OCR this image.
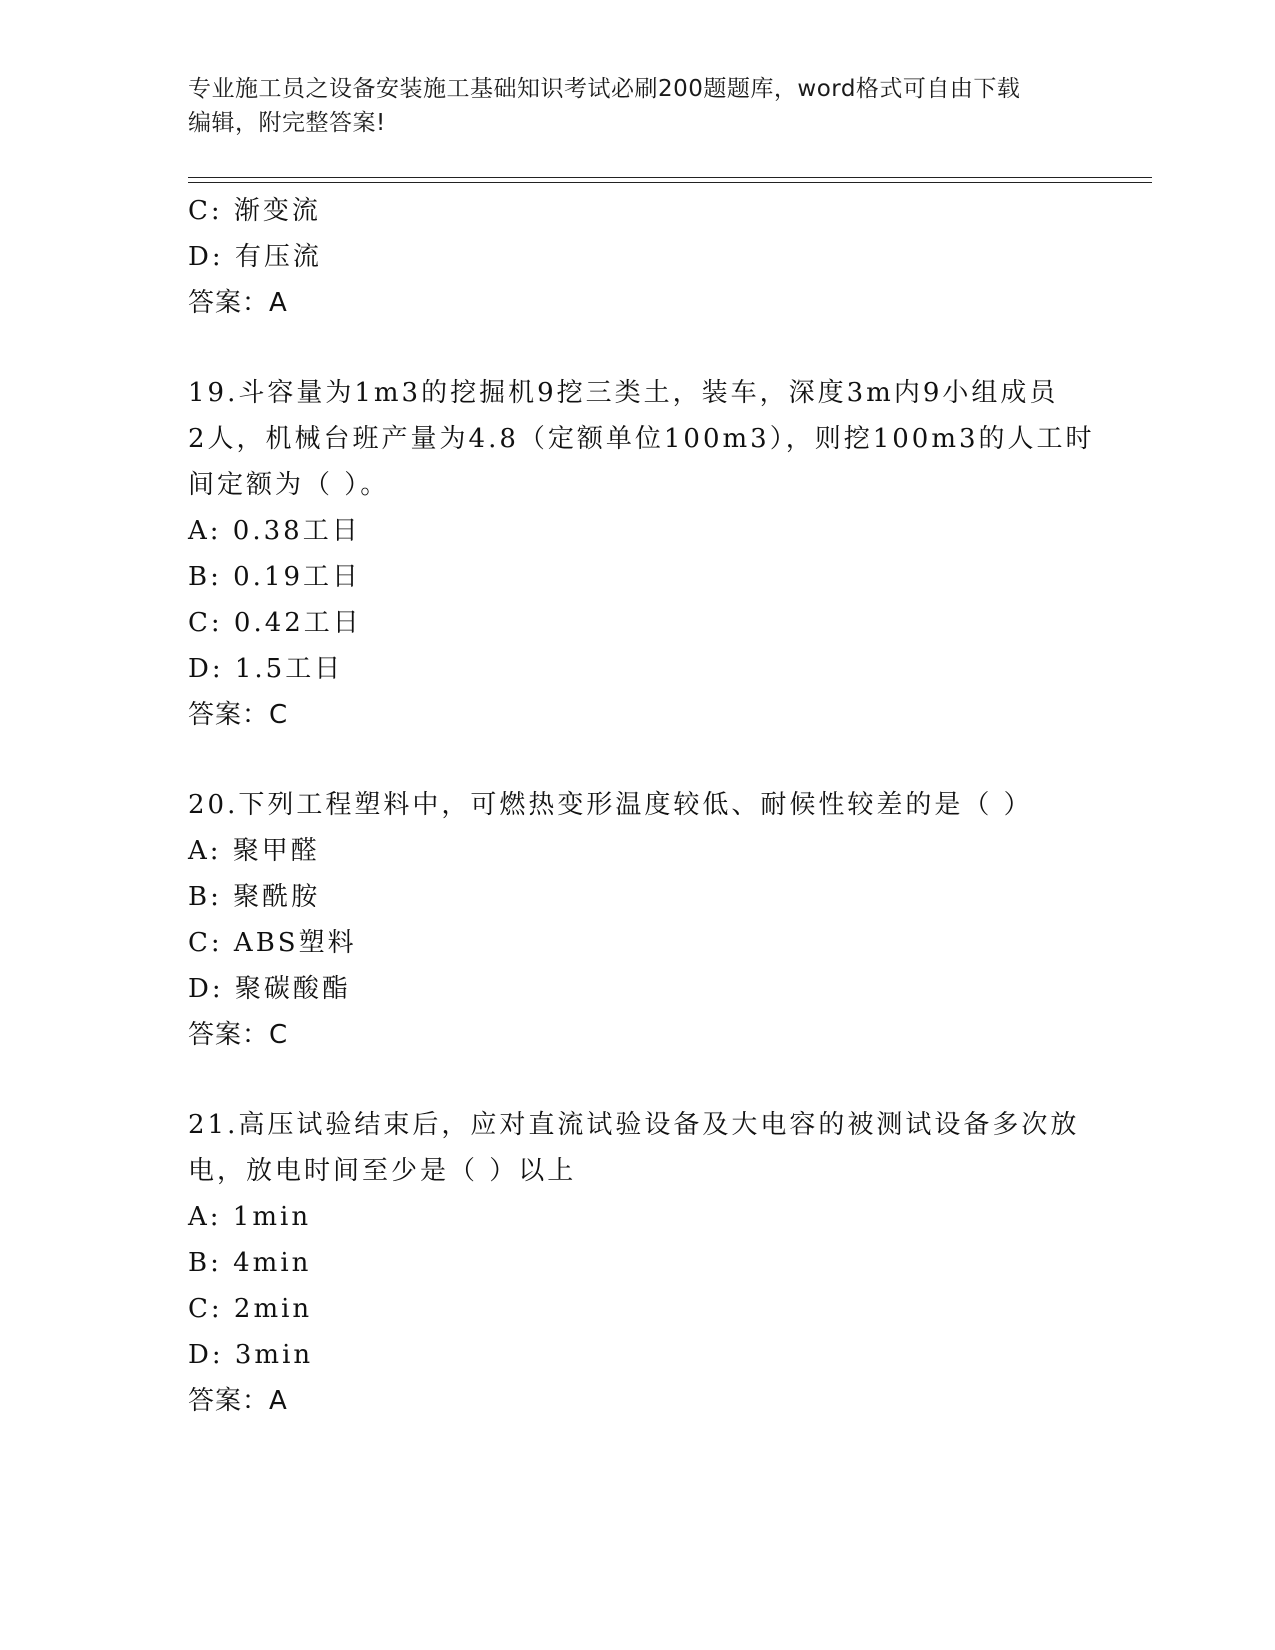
专业施工员之设备安装施工基础知识考试必刷200题题库，word格式可自由下载
编辑，附完整答案!
C: 渐变流
D: 有压流
答案：A
19.斗容量为1m3的挖掘机9挖三类土，装车，深度3m内9小组成员
2人，机械台班产量为4.8（定额单位100m3），则挖100m3的人工时
间定额为（ ）。
A: 0.38工日
B: 0.19工日
C: 0.42工日
D: 1.5工日
答案：C
20.下列工程塑料中，可燃热变形温度较低、耐候性较差的是（ ）
A: 聚甲醛
B: 聚酰胺
C: ABS塑料
D: 聚碳酸酯
答案：C
21.高压试验结束后，应对直流试验设备及大电容的被测试设备多次放
电，放电时间至少是（ ）以上
A: 1min
B: 4min
C: 2min
D: 3min
答案：A
